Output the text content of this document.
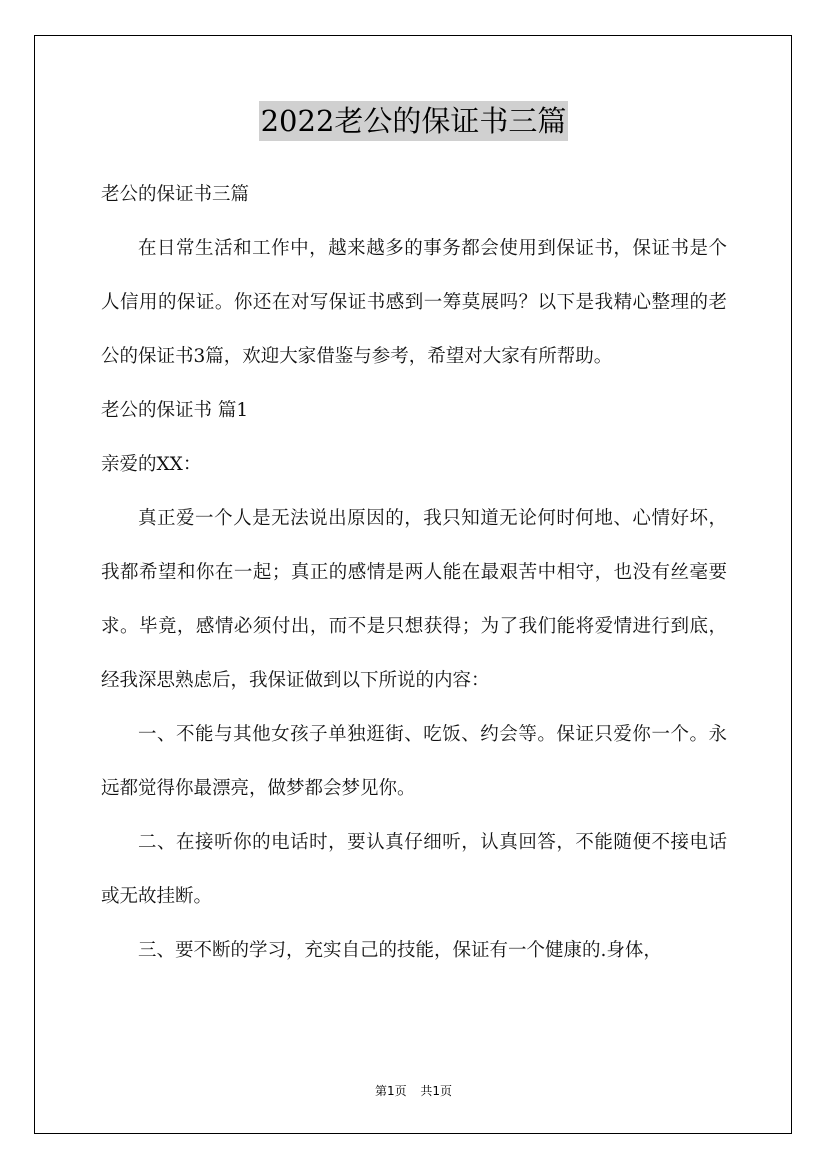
2022老公的保证书三篇

老公的保证书三篇

在日常生活和工作中，越来越多的事务都会使用到保证书，保证书是个人信用的保证。你还在对写保证书感到一筹莫展吗？以下是我精心整理的老公的保证书3篇，欢迎大家借鉴与参考，希望对大家有所帮助。

老公的保证书 篇1

亲爱的XX：

真正爱一个人是无法说出原因的，我只知道无论何时何地、心情好坏，我都希望和你在一起；真正的感情是两人能在最艰苦中相守，也没有丝毫要求。毕竟，感情必须付出，而不是只想获得；为了我们能将爱情进行到底，经我深思熟虑后，我保证做到以下所说的内容：

一、不能与其他女孩子单独逛街、吃饭、约会等。保证只爱你一个。永远都觉得你最漂亮，做梦都会梦见你。

二、在接听你的电话时，要认真仔细听，认真回答，不能随便不接电话或无故挂断。

三、要不断的学习，充实自己的技能，保证有一个健康的.身体，

第1页 共1页
